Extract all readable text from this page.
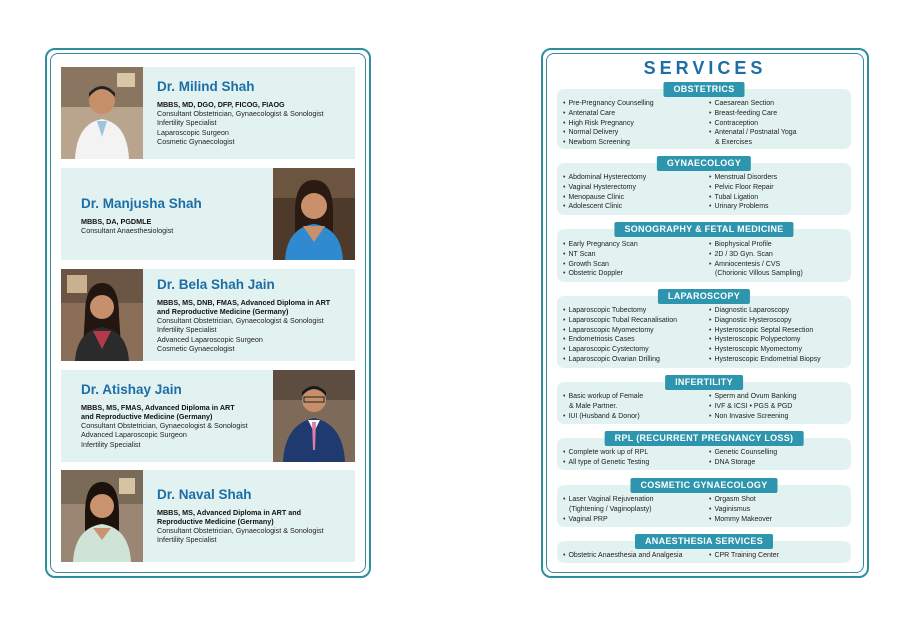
Dr. Milind Shah
MBBS, MD, DGO, DFP, FICOG, FIAOG
Consultant Obstetrician, Gynaecologist & Sonologist
Infertility Specialist
Laparoscopic Surgeon
Cosmetic Gynaecologist
Dr. Manjusha Shah
MBBS, DA, PGDMLE
Consultant Anaesthesiologist
Dr. Bela Shah Jain
MBBS, MS, DNB, FMAS, Advanced Diploma in ART
and Reproductive Medicine (Germany)
Consultant Obstetrician, Gynaecologist & Sonologist
Infertility Specialist
Advanced Laparoscopic Surgeon
Cosmetic Gynaecologist
Dr. Atishay Jain
MBBS, MS, FMAS, Advanced Diploma in ART
and Reproductive Medicine (Germany)
Consultant Obstetrician, Gynaecologist & Sonologist
Advanced Laparoscopic Surgeon
Infertility Specialist
Dr. Naval Shah
MBBS, MS, Advanced Diploma in ART and
Reproductive Medicine (Germany)
Consultant Obstetrician, Gynaecologist & Sonologist
Infertility Specialist
SERVICES
OBSTETRICS
• Pre-Pregnancy Counselling
• Antenatal Care
• High Risk Pregnancy
• Normal Delivery
• Newborn Screening
• Caesarean Section
• Breast-feeding Care
• Contraception
• Antenatal / Postnatal Yoga
& Exercises
GYNAECOLOGY
• Abdominal Hysterectomy
• Vaginal Hysterectomy
• Menopause Clinic
• Adolescent Clinic
• Menstrual Disorders
• Pelvic Floor Repair
• Tubal Ligation
• Urinary Problems
SONOGRAPHY & FETAL MEDICINE
• Early Pregnancy Scan
• NT Scan
• Growth Scan
• Obstetric Doppler
• Biophysical Profile
• 2D / 3D Gyn. Scan
• Amniocentesis / CVS
(Chorionic Villous Sampling)
LAPAROSCOPY
• Laparoscopic Tubectomy
• Laparoscopic Tubal Recanalisation
• Laparoscopic Myomectomy
• Endometriosis Cases
• Laparoscopic Cystectomy
• Laparoscopic Ovarian Drilling
• Diagnostic Laparoscopy
• Diagnostic Hysteroscopy
• Hysteroscopic Septal Resection
• Hysteroscopic Polypectomy
• Hysteroscopic Myomectomy
• Hysteroscopic Endometrial Biopsy
INFERTILITY
• Basic workup of Female
& Male Partner.
• IUI (Husband & Donor)
• Sperm and Ovum Banking
• IVF & ICSI • PGS & PGD
• Non Invasive Screening
RPL (RECURRENT PREGNANCY LOSS)
• Complete work up of RPL
• All type of Genetic Testing
• Genetic Counselling
• DNA Storage
COSMETIC GYNAECOLOGY
• Laser Vaginal Rejuvenation
(Tightening / Vaginoplasty)
• Vaginal PRP
• Orgasm Shot
• Vaginismus
• Mommy Makeover
ANAESTHESIA SERVICES
• Obstetric Anaesthesia and Analgesia
•	CPR Training Center
